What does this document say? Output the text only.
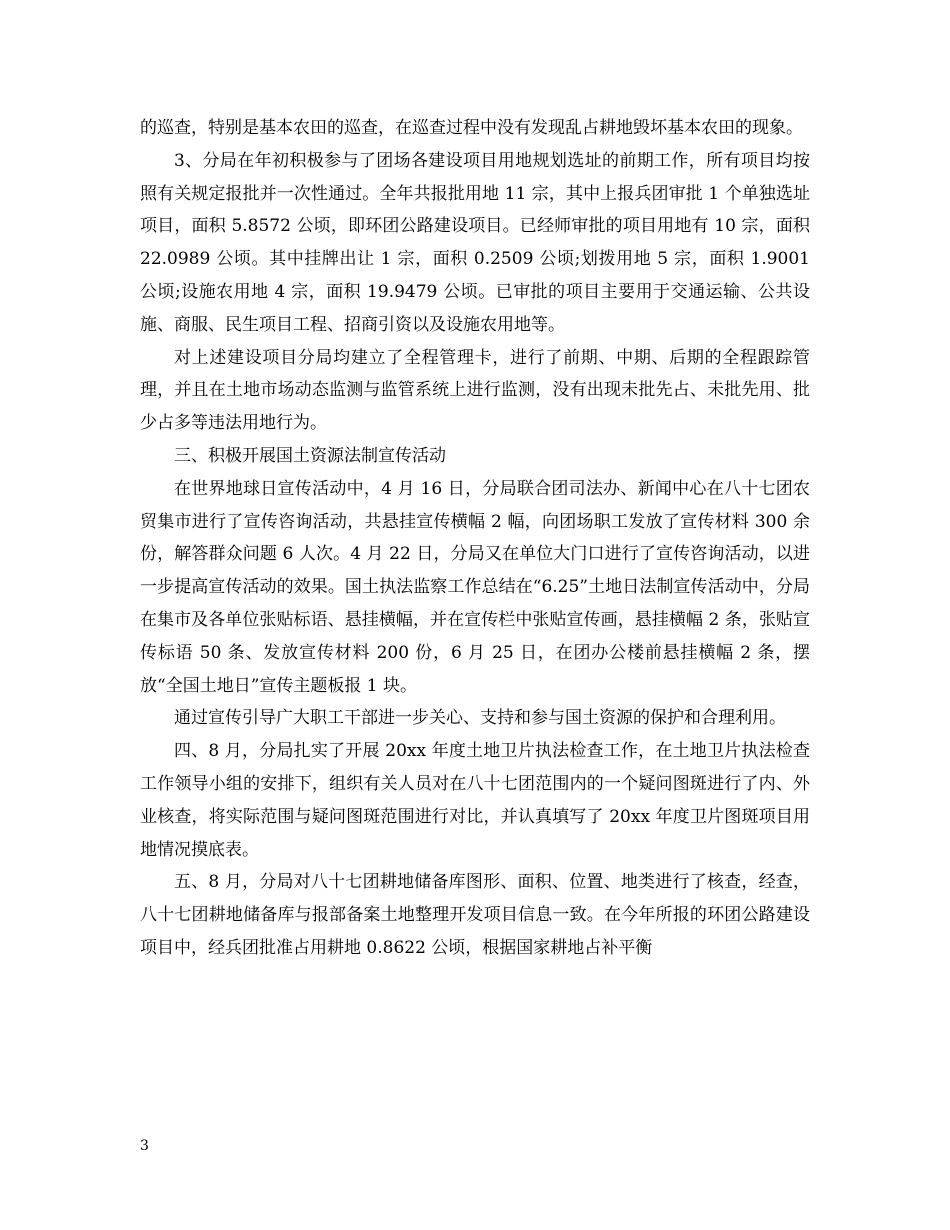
的巡查，特别是基本农田的巡查，在巡查过程中没有发现乱占耕地毁坏基本农田的现象。

3、分局在年初积极参与了团场各建设项目用地规划选址的前期工作，所有项目均按照有关规定报批并一次性通过。全年共报批用地 11 宗，其中上报兵团审批 1 个单独选址项目，面积 5.8572 公顷，即环团公路建设项目。已经师审批的项目用地有 10 宗，面积 22.0989 公顷。其中挂牌出让 1 宗，面积 0.2509 公顷;划拨用地 5 宗，面积 1.9001 公顷;设施农用地 4 宗，面积 19.9479 公顷。已审批的项目主要用于交通运输、公共设施、商服、民生项目工程、招商引资以及设施农用地等。

对上述建设项目分局均建立了全程管理卡，进行了前期、中期、后期的全程跟踪管理，并且在土地市场动态监测与监管系统上进行监测，没有出现未批先占、未批先用、批少占多等违法用地行为。

三、积极开展国土资源法制宣传活动

在世界地球日宣传活动中，4 月 16 日，分局联合团司法办、新闻中心在八十七团农贸集市进行了宣传咨询活动，共悬挂宣传横幅 2 幅，向团场职工发放了宣传材料 300 余份，解答群众问题 6 人次。4 月 22 日，分局又在单位大门口进行了宣传咨询活动，以进一步提高宣传活动的效果。国土执法监察工作总结在“6.25”土地日法制宣传活动中，分局在集市及各单位张贴标语、悬挂横幅，并在宣传栏中张贴宣传画，悬挂横幅 2 条，张贴宣传标语 50 条、发放宣传材料 200 份，6 月 25 日，在团办公楼前悬挂横幅 2 条，摆放“全国土地日”宣传主题板报 1 块。

通过宣传引导广大职工干部进一步关心、支持和参与国土资源的保护和合理利用。

四、8 月，分局扎实了开展 20xx 年度土地卫片执法检查工作，在土地卫片执法检查工作领导小组的安排下，组织有关人员对在八十七团范围内的一个疑问图斑进行了内、外业核查，将实际范围与疑问图斑范围进行对比，并认真填写了 20xx 年度卫片图斑项目用地情况摸底表。

五、8 月，分局对八十七团耕地储备库图形、面积、位置、地类进行了核查，经查，八十七团耕地储备库与报部备案土地整理开发项目信息一致。在今年所报的环团公路建设项目中，经兵团批准占用耕地 0.8622 公顷，根据国家耕地占补平衡

3
